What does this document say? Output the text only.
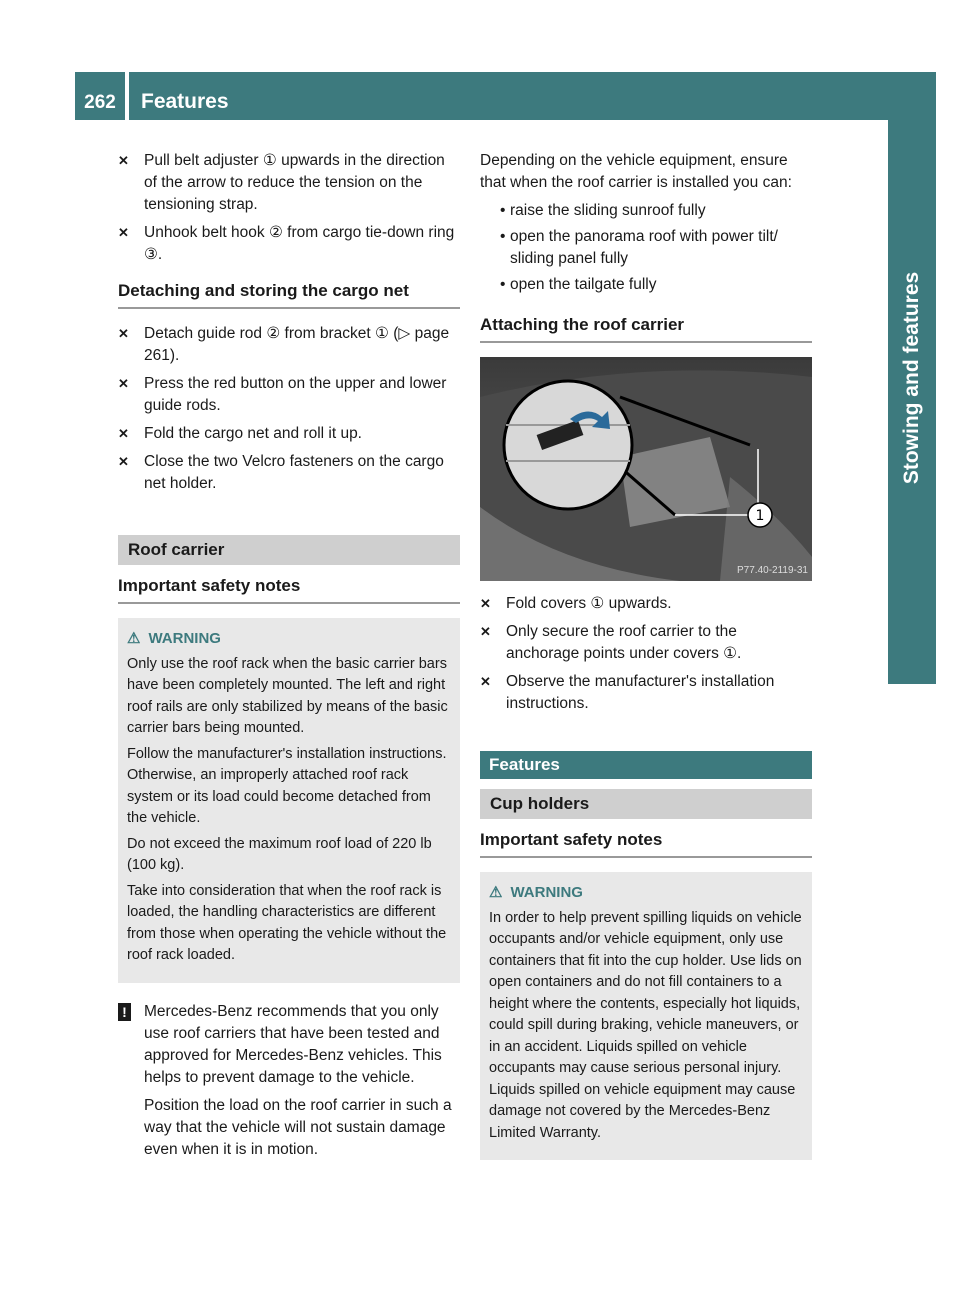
262	Features
Stowing and features
✕ Pull belt adjuster ① upwards in the direction of the arrow to reduce the tension on the tensioning strap.
✕ Unhook belt hook ② from cargo tie-down ring ③.
Detaching and storing the cargo net
✕ Detach guide rod ② from bracket ① (▷ page 261).
✕ Press the red button on the upper and lower guide rods.
✕ Fold the cargo net and roll it up.
✕ Close the two Velcro fasteners on the cargo net holder.
Roof carrier
Important safety notes
⚠ WARNING

Only use the roof rack when the basic carrier bars have been completely mounted. The left and right roof rails are only stabilized by means of the basic carrier bars being mounted.

Follow the manufacturer's installation instructions. Otherwise, an improperly attached roof rack system or its load could become detached from the vehicle.

Do not exceed the maximum roof load of 220 lb (100 kg).

Take into consideration that when the roof rack is loaded, the handling characteristics are different from those when operating the vehicle without the roof rack loaded.

! Mercedes-Benz recommends that you only use roof carriers that have been tested and approved for Mercedes-Benz vehicles. This helps to prevent damage to the vehicle.

Position the load on the roof carrier in such a way that the vehicle will not sustain damage even when it is in motion.

Depending on the vehicle equipment, ensure that when the roof carrier is installed you can:

• raise the sliding sunroof fully
• open the panorama roof with power tilt/ sliding panel fully
• open the tailgate fully
Attaching the roof carrier
1
P77.40-2119-31
✕ Fold covers ① upwards.
✕ Only secure the roof carrier to the anchorage points under covers ①.
✕ Observe the manufacturer's installation instructions.
Features
Cup holders
Important safety notes
⚠ WARNING

In order to help prevent spilling liquids on vehicle occupants and/or vehicle equipment, only use containers that fit into the cup holder. Use lids on open containers and do not fill containers to a height where the contents, especially hot liquids, could spill during braking, vehicle maneuvers, or in an accident. Liquids spilled on vehicle occupants may cause serious personal injury. Liquids spilled on vehicle equipment may cause damage not covered by the Mercedes-Benz Limited Warranty.
